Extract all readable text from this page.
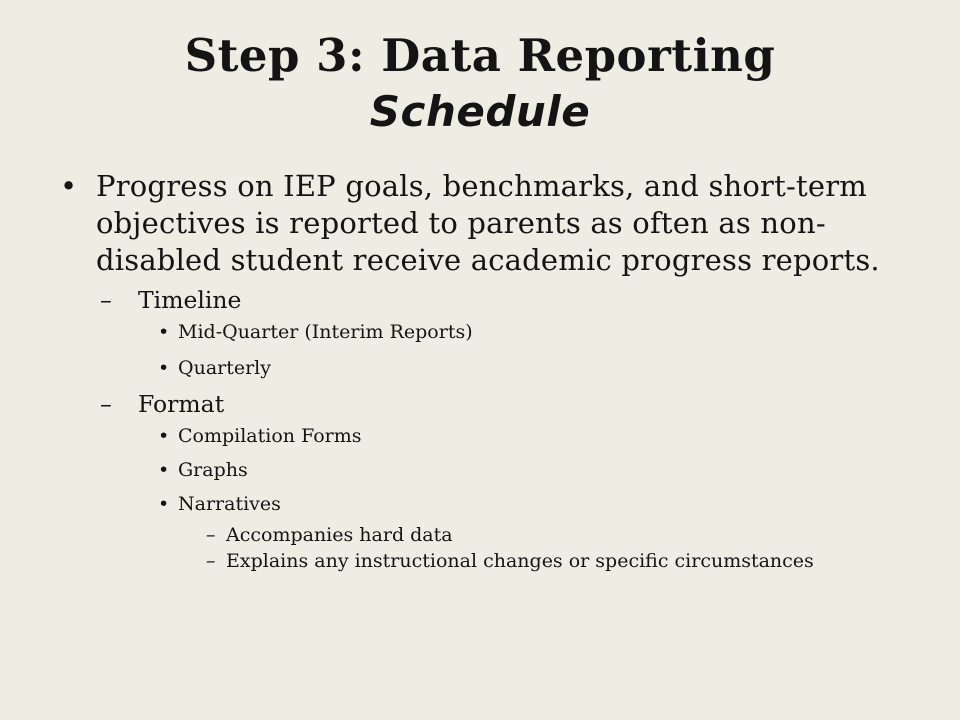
Step 3: Data Reporting
Schedule
• Progress on IEP goals, benchmarks, and short-term objectives is reported to parents as often as non-disabled student receive academic progress reports.
– Timeline
• Mid-Quarter (Interim Reports)
• Quarterly
– Format
• Compilation Forms
• Graphs
• Narratives
– Accompanies hard data
– Explains any instructional changes or specific circumstances
